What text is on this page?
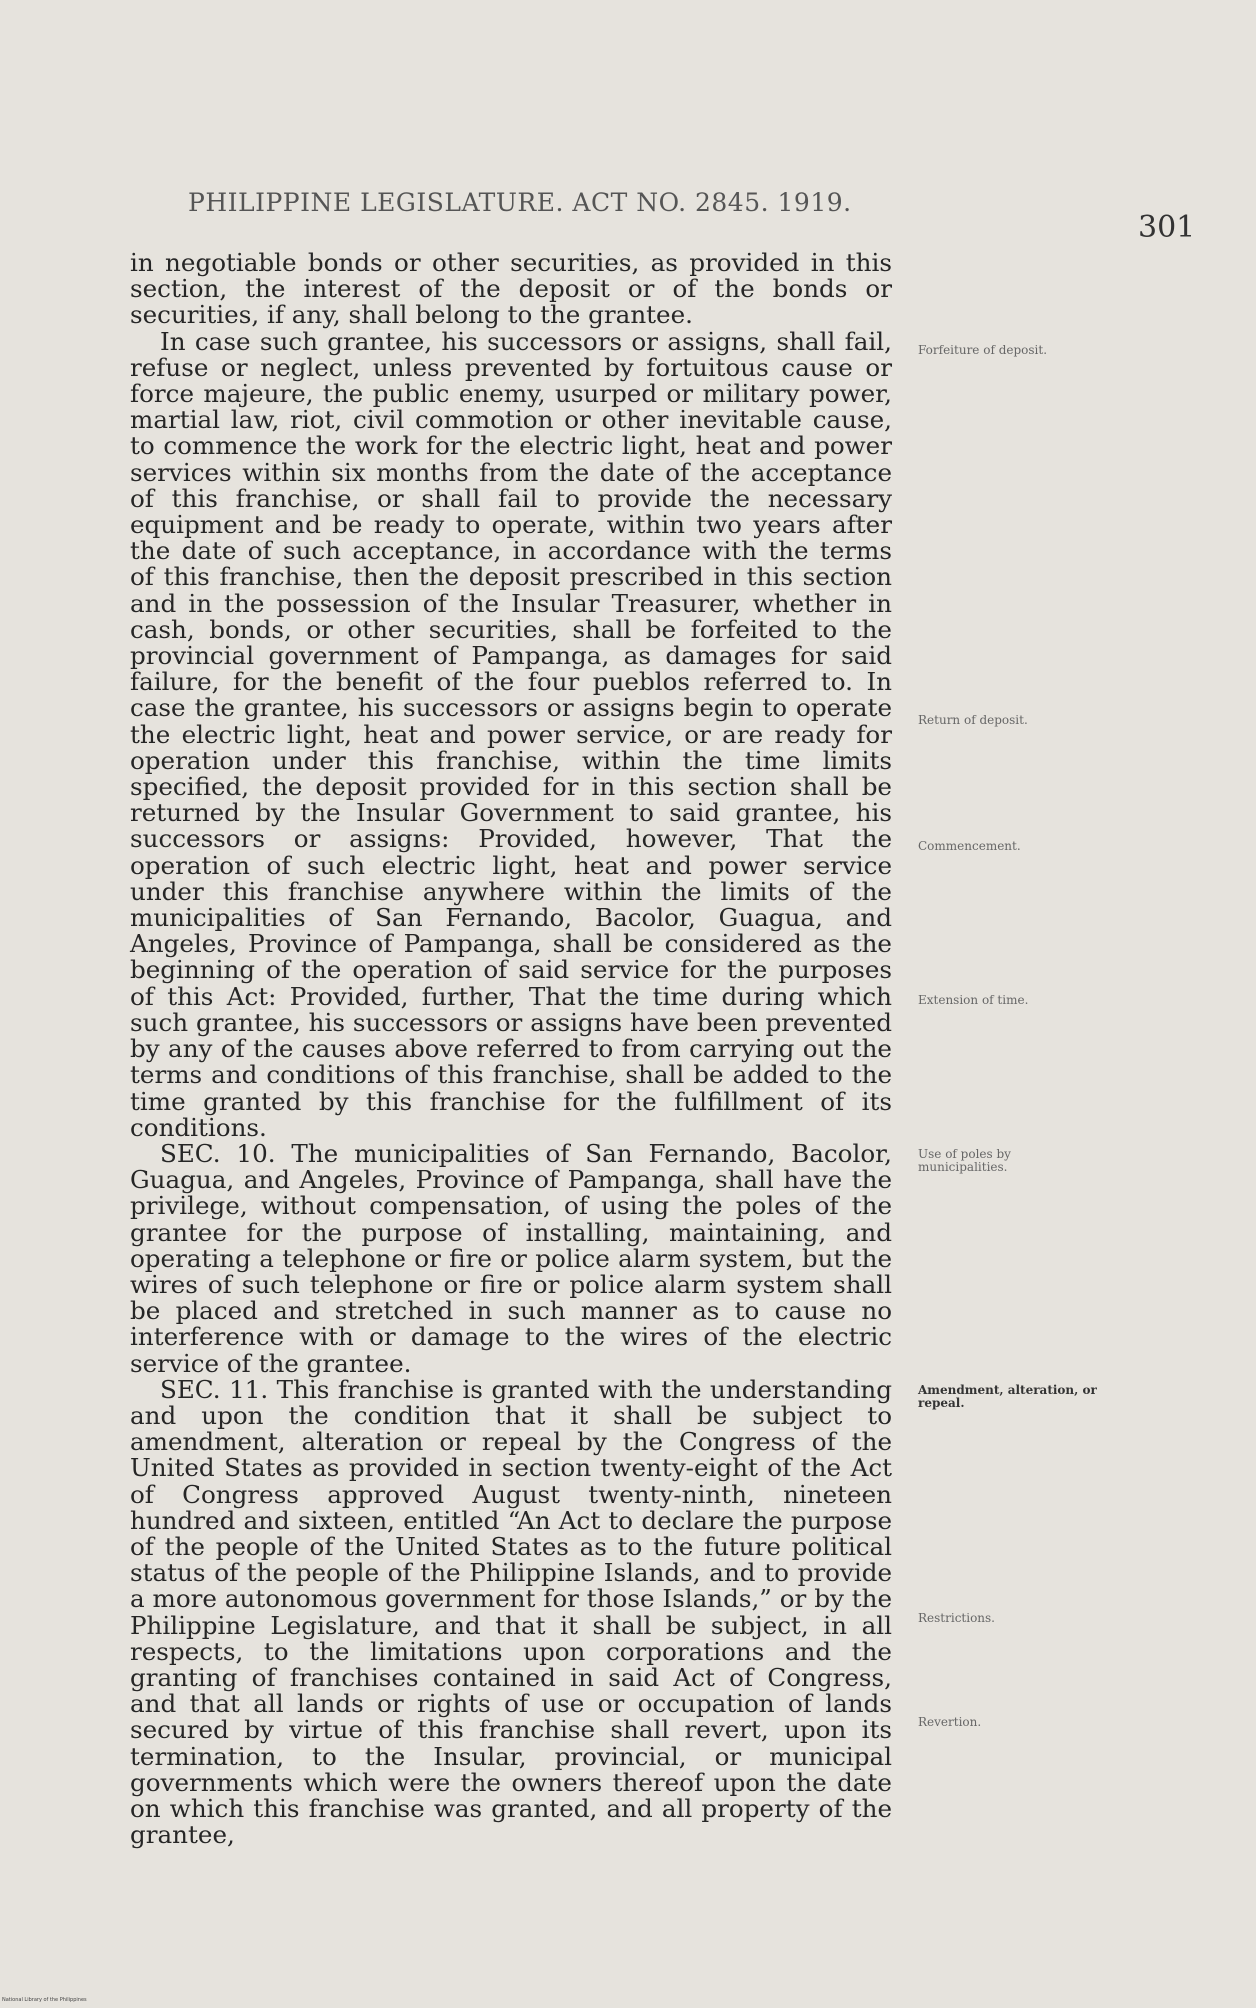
PHILIPPINE LEGISLATURE. ACT NO. 2845. 1919.
301

in negotiable bonds or other securities, as provided in this section, the interest of the deposit or of the bonds or securities, if any, shall belong to the grantee.

In case such grantee, his successors or assigns, shall fail, refuse or neglect, unless prevented by fortuitous cause or force majeure, the public enemy, usurped or military power, martial law, riot, civil commotion or other inevitable cause, to commence the work for the electric light, heat and power services within six months from the date of the acceptance of this franchise, or shall fail to provide the necessary equipment and be ready to operate, within two years after the date of such acceptance, in accordance with the terms of this franchise, then the deposit prescribed in this section and in the possession of the Insular Treasurer, whether in cash, bonds, or other securities, shall be forfeited to the provincial government of Pampanga, as damages for said failure, for the benefit of the four pueblos referred to. In case the grantee, his successors or assigns begin to operate the electric light, heat and power service, or are ready for operation under this franchise, within the time limits specified, the deposit provided for in this section shall be returned by the Insular Government to said grantee, his successors or assigns: Provided, however, That the operation of such electric light, heat and power service under this franchise anywhere within the limits of the municipalities of San Fernando, Bacolor, Guagua, and Angeles, Province of Pampanga, shall be considered as the beginning of the operation of said service for the purposes of this Act: Provided, further, That the time during which such grantee, his successors or assigns have been prevented by any of the causes above referred to from carrying out the terms and conditions of this franchise, shall be added to the time granted by this franchise for the fulfillment of its conditions.

SEC. 10. The municipalities of San Fernando, Bacolor, Guagua, and Angeles, Province of Pampanga, shall have the privilege, without compensation, of using the poles of the grantee for the purpose of installing, maintaining, and operating a telephone or fire or police alarm system, but the wires of such telephone or fire or police alarm system shall be placed and stretched in such manner as to cause no interference with or damage to the wires of the electric service of the grantee.

SEC. 11. This franchise is granted with the understanding and upon the condition that it shall be subject to amendment, alteration or repeal by the Congress of the United States as provided in section twenty-eight of the Act of Congress approved August twenty-ninth, nineteen hundred and sixteen, entitled “An Act to declare the purpose of the people of the United States as to the future political status of the people of the Philippine Islands, and to provide a more autonomous government for those Islands,” or by the Philippine Legislature, and that it shall be subject, in all respects, to the limitations upon corporations and the granting of franchises contained in said Act of Congress, and that all lands or rights of use or occupation of lands secured by virtue of this franchise shall revert, upon its termination, to the Insular, provincial, or municipal governments which were the owners thereof upon the date on which this franchise was granted, and all property of the grantee,

Forfeiture of deposit.
Return of deposit.
Commencement.
Extension of time.
Use of poles by municipalities.
Amendment, alteration, or repeal.
Restrictions.
Revertion.
National Library of the Philippines
